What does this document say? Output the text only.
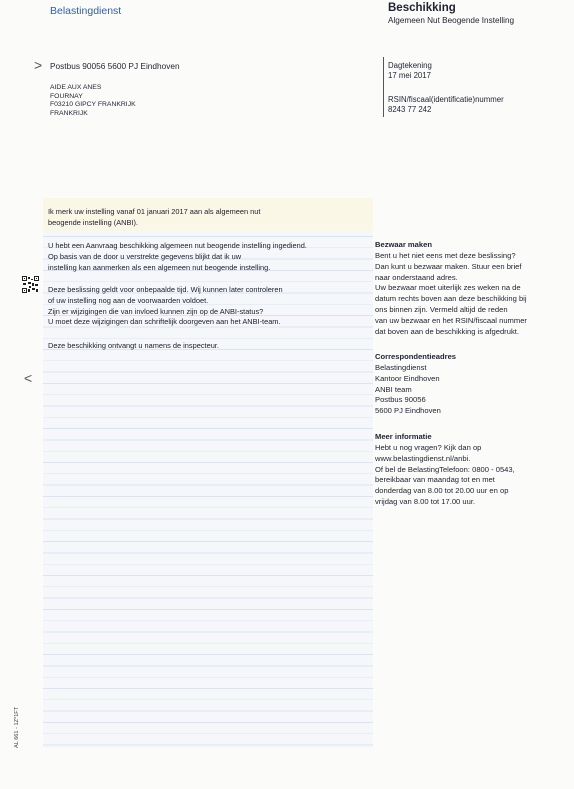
Belastingdienst	Beschikking
Algemeen Nut Beogende Instelling
> Postbus 90056 5600 PJ Eindhoven
AIDE AUX ANES
FOURNAY
F03210 GIPCY FRANKRIJK
FRANKRIJK
Dagtekening
17 mei 2017
RSIN/fiscaal(identificatie)nummer
8243 77 242
Ik merk uw instelling vanaf 01 januari 2017 aan als algemeen nut
beogende instelling (ANBI).
U hebt een Aanvraag beschikking algemeen nut beogende instelling ingediend.
Op basis van de door u verstrekte gegevens blijkt dat ik uw
instelling kan aanmerken als een algemeen nut beogende instelling.
Deze beslissing geldt voor onbepaalde tijd. Wij kunnen later controleren
of uw instelling nog aan de voorwaarden voldoet.
Zijn er wijzigingen die van invloed kunnen zijn op de ANBI-status?
U moet deze wijzigingen dan schriftelijk doorgeven aan het ANBI-team.
Deze beschikking ontvangt u namens de inspecteur.
<
Bezwaar maken
Bent u het niet eens met deze beslissing?
Dan kunt u bezwaar maken. Stuur een brief
naar onderstaand adres.
Uw bezwaar moet uiterlijk zes weken na de
datum rechts boven aan deze beschikking bij
ons binnen zijn. Vermeld altijd de reden
van uw bezwaar en het RSIN/fiscaal nummer
dat boven aan de beschikking is afgedrukt.
Correspondentieadres
Belastingdienst
Kantoor Eindhoven
ANBI team
Postbus 90056
5600 PJ Eindhoven
Meer informatie
Hebt u nog vragen? Kijk dan op
www.belastingdienst.nl/anbi.
Of bel de BelastingTelefoon: 0800 - 0543,
bereikbaar van maandag tot en met
donderdag van 8.00 tot 20.00 uur en op
vrijdag van 8.00 tot 17.00 uur.
AL 661 - 1Z*1FT
